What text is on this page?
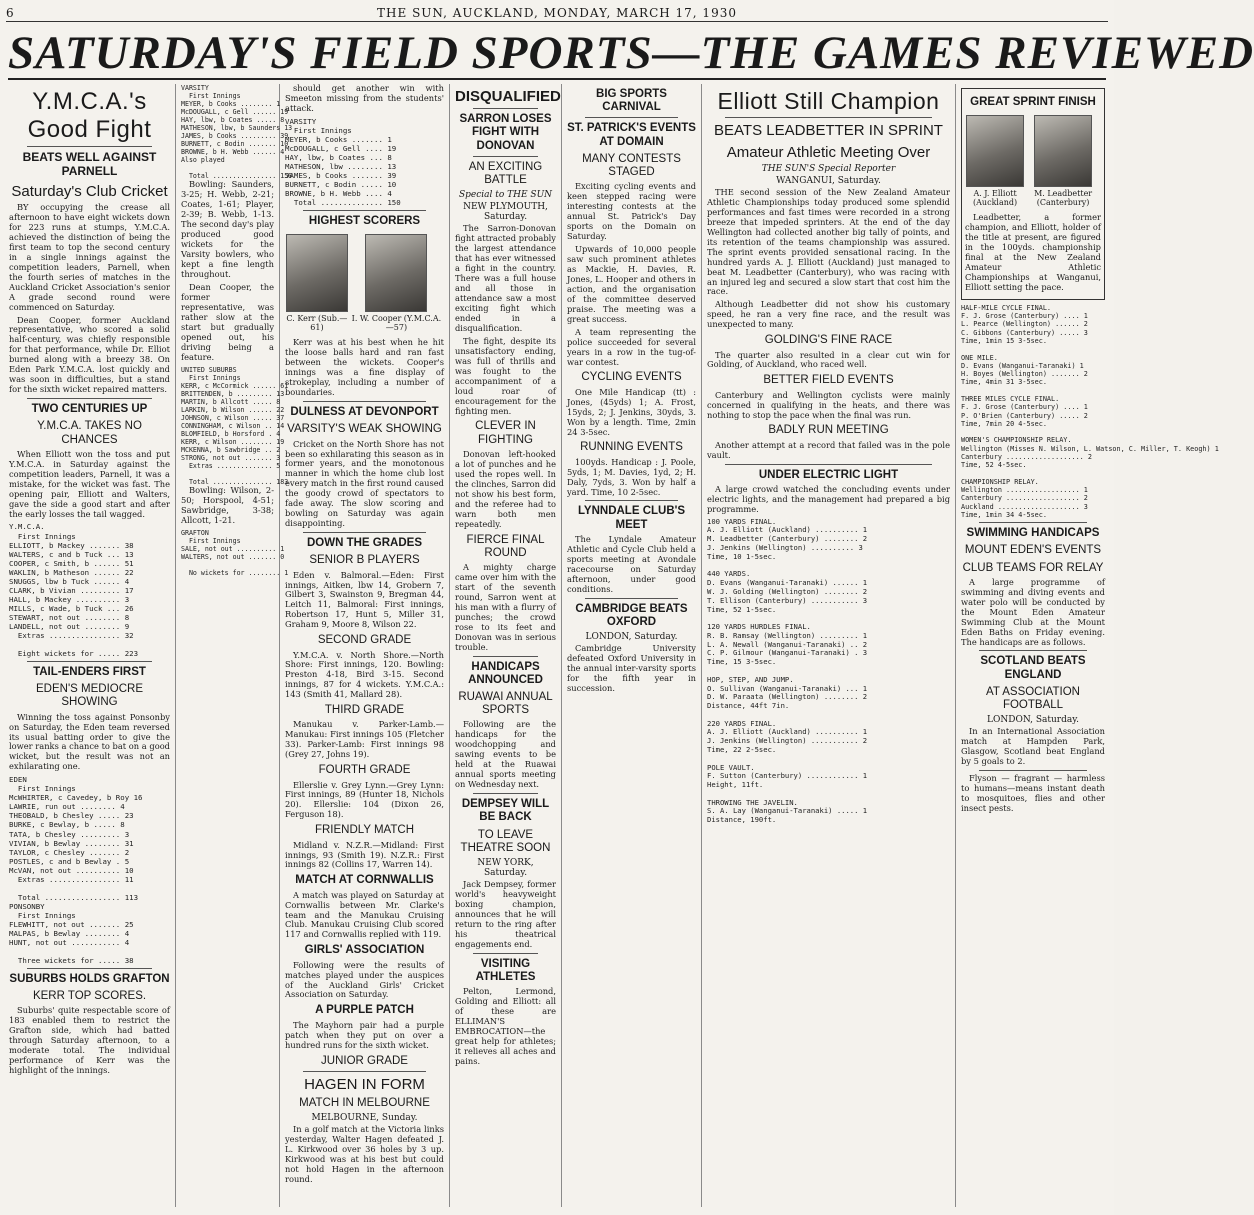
6	THE SUN, AUCKLAND, MONDAY, MARCH 17, 1930
SATURDAY'S FIELD SPORTS—THE GAMES REVIEWED
Y.M.C.A.'s Good Fight
BEATS WELL AGAINST PARNELL
Saturday's Club Cricket

BY occupying the crease all afternoon to have eight wickets down for 223 runs at stumps, Y.M.C.A. achieved the distinction of being the first team to top the second century in a single innings against the competition leaders, Parnell, when the fourth series of matches in the Auckland Cricket Association's senior A grade second round were commenced on Saturday.

Dean Cooper, former Auckland representative, who scored a solid half-century, was chiefly responsible for that performance, while Dr. Elliot burned along with a breezy 38. On Eden Park Y.M.C.A. lost quickly and was soon in difficulties, but a stand for the sixth wicket repaired matters.

TWO CENTURIES UP
Y.M.C.A. TAKES NO CHANCES

When Elliott won the toss and put Y.M.C.A. in Saturday against the competition leaders, Parnell, it was a mistake, for the wicket was fast. The opening pair, Elliott and Walters, gave the side a good start and after the early losses the tail wagged.

Y.M.C.A.
First Innings
ELLIOTT, b Mackey ....... 38
WALTERS, c and b Tuck ... 13
COOPER, c Smith, b ...... 51
WAKLIN, b Matheson ...... 22
SNUGGS, lbw b Tuck ...... 4
CLARK, b Vivian ......... 17
HALL, b Mackey .......... 3
MILLS, c Wade, b Tuck ... 26
STEWART, not out ........ 8
LANDELL, not out ........ 9
Extras ................ 32

Eight wickets for ..... 223
TAIL-ENDERS FIRST
EDEN'S MEDIOCRE SHOWING

Winning the toss against Ponsonby on Saturday, the Eden team reversed its usual batting order to give the lower ranks a chance to bat on a good wicket, but the result was not an exhilarating one.

EDEN
First Innings
McWHIRTER, c Cavedey, b Roy 16
LAWRIE, run out ........ 4
THEOBALD, b Chesley ..... 23
BURKE, c Bewlay, b ..... 8
TATA, b Chesley ......... 3
VIVIAN, b Bewlay ........ 31
TAYLOR, c Chesley ....... 2
POSTLES, c and b Bewlay . 5
McVAN, not out .......... 10
Extras ................ 11

Total ................. 113
PONSONBY
First Innings
FLEWHITT, not out ....... 25
MALPAS, b Bewlay ........ 4
HUNT, not out ........... 4

Three wickets for ..... 38
SUBURBS HOLDS GRAFTON
KERR TOP SCORES.

Suburbs' quite respectable score of 183 enabled them to restrict the Grafton side, which had batted through Saturday afternoon, to a moderate total. The individual performance of Kerr was the highlight of the innings.

VARSITY
First Innings
MEYER, b Cooks ........ 1
McDOUGALL, c Gell ...... 19
HAY, lbw, b Coates ..... 8
MATHESON, lbw, b Saunders 13
JAMES, b Cooks ......... 39
BURNETT, c Bodin ....... 10
BROWNE, b H. Webb ...... 4
Also played

Total ................ 150

Bowling: Saunders, 3-25; H. Webb, 2-21; Coates, 1-61; Player, 2-39; B. Webb, 1-13. The second day's play produced good wickets for the Varsity bowlers, who kept a fine length throughout.

Dean Cooper, the former representative, was rather slow at the start but gradually opened out, his driving being a feature.

UNITED SUBURBS
First Innings
KERR, c McCormick ...... 61
BRITTENDEN, b ......... 13
MARTIN, b Allcott ..... 8
LARKIN, b Wilson ...... 22
JOHNSON, c Wilson ..... 37
CONNINGHAM, c Wilson .. 14
BLOMFIELD, b Horsford . 4
KERR, c Wilson ........ 19
MCKENNA, b Sawbridge .. 2
STRONG, not out ....... 3
Extras .............. 5

Total ............... 183

Bowling: Wilson, 2-50; Horspool, 4-51; Sawbridge, 3-38; Allcott, 1-21.

GRAFTON
First Innings
SALE, not out .......... 1
WALTERS, not out ....... 0

No wickets for ........ 1

should get another win with Smeeton missing from the students' attack.

VARSITY
First Innings
MEYER, b Cooks ....... 1
McDOUGALL, c Gell .... 19
HAY, lbw, b Coates ... 8
MATHESON, lbw ........ 13
JAMES, b Cooks ....... 39
BURNETT, c Bodin ..... 10
BROWNE, b H. Webb .... 4
Total .............. 150
HIGHEST SCORERS
C. Kerr (Sub.—61)
I. W. Cooper (Y.M.C.A.—57)

Kerr was at his best when he hit the loose balls hard and ran fast between the wickets. Cooper's innings was a fine display of strokeplay, including a number of boundaries.

DULNESS AT DEVONPORT
VARSITY'S WEAK SHOWING

Cricket on the North Shore has not been so exhilarating this season as in former years, and the monotonous manner in which the home club lost every match in the first round caused the goody crowd of spectators to fade away. The slow scoring and bowling on Saturday was again disappointing.

DOWN THE GRADES
SENIOR B PLAYERS

Eden v. Balmoral.—Eden: First innings, Aitken, lbw 14, Grobern 7, Gilbert 3, Swainston 9, Bregman 44, Leitch 11, Balmoral: First innings, Robertson 17, Hunt 5, Miller 31, Graham 9, Moore 8, Wilson 22.

SECOND GRADE

Y.M.C.A. v. North Shore.—North Shore: First innings, 120. Bowling: Preston 4-18, Bird 3-15. Second innings, 87 for 4 wickets. Y.M.C.A.: 143 (Smith 41, Mallard 28).

THIRD GRADE

Manukau v. Parker-Lamb.—Manukau: First innings 105 (Fletcher 33). Parker-Lamb: First innings 98 (Grey 27, Johns 19).

FOURTH GRADE

Ellerslie v. Grey Lynn.—Grey Lynn: First innings, 89 (Hunter 18, Nichols 20). Ellerslie: 104 (Dixon 26, Ferguson 18).

FRIENDLY MATCH

Midland v. N.Z.R.—Midland: First innings, 93 (Smith 19). N.Z.R.: First innings 82 (Collins 17, Warren 14).

MATCH AT CORNWALLIS

A match was played on Saturday at Cornwallis between Mr. Clarke's team and the Manukau Cruising Club. Manukau Cruising Club scored 117 and Cornwallis replied with 119.

GIRLS' ASSOCIATION

Following were the results of matches played under the auspices of the Auckland Girls' Cricket Association on Saturday.

A PURPLE PATCH

The Mayhorn pair had a purple patch when they put on over a hundred runs for the sixth wicket.

JUNIOR GRADE
HAGEN IN FORM
MATCH IN MELBOURNE
MELBOURNE, Sunday.

In a golf match at the Victoria links yesterday, Walter Hagen defeated J. L. Kirkwood over 36 holes by 3 up. Kirkwood was at his best but could not hold Hagen in the afternoon round.

DISQUALIFIED
SARRON LOSES FIGHT WITH DONOVAN
AN EXCITING BATTLE
Special to THE SUN
NEW PLYMOUTH, Saturday.

The Sarron-Donovan fight attracted probably the largest attendance that has ever witnessed a fight in the country. There was a full house and all those in attendance saw a most exciting fight which ended in a disqualification.

The fight, despite its unsatisfactory ending, was full of thrills and was fought to the accompaniment of a loud roar of encouragement for the fighting men.

CLEVER IN FIGHTING

Donovan left-hooked a lot of punches and he used the ropes well. In the clinches, Sarron did not show his best form, and the referee had to warn both men repeatedly.

FIERCE FINAL ROUND

A mighty charge came over him with the start of the seventh round, Sarron went at his man with a flurry of punches; the crowd rose to its feet and Donovan was in serious trouble.

HANDICAPS ANNOUNCED
RUAWAI ANNUAL SPORTS

Following are the handicaps for the woodchopping and sawing events to be held at the Ruawai annual sports meeting on Wednesday next.

DEMPSEY WILL BE BACK
TO LEAVE THEATRE SOON
NEW YORK, Saturday.

Jack Dempsey, former world's heavyweight boxing champion, announces that he will return to the ring after his theatrical engagements end.

VISITING ATHLETES

Pelton, Lermond, Golding and Elliott: all of these are ELLIMAN'S EMBROCATION—the great help for athletes; it relieves all aches and pains.

BIG SPORTS CARNIVAL
ST. PATRICK'S EVENTS AT DOMAIN
MANY CONTESTS STAGED

Exciting cycling events and keen stepped racing were interesting contests at the annual St. Patrick's Day sports on the Domain on Saturday.

Upwards of 10,000 people saw such prominent athletes as Mackie, H. Davies, R. Jones, L. Hooper and others in action, and the organisation of the committee deserved praise. The meeting was a great success.

A team representing the police succeeded for several years in a row in the tug-of-war contest.

CYCLING EVENTS

One Mile Handicap (tt) : Jones, (45yds) 1; A. Frost, 15yds, 2; J. Jenkins, 30yds, 3. Won by a length. Time, 2min 24 3-5sec.

RUNNING EVENTS

100yds. Handicap : J. Poole, 5yds, 1; M. Davies, 1yd, 2; H. Daly, 7yds, 3. Won by half a yard. Time, 10 2-5sec.

LYNNDALE CLUB'S MEET

The Lyndale Amateur Athletic and Cycle Club held a sports meeting at Avondale racecourse on Saturday afternoon, under good conditions.

CAMBRIDGE BEATS OXFORD
LONDON, Saturday.

Cambridge University defeated Oxford University in the annual inter-varsity sports for the fifth year in succession.

Elliott Still Champion
BEATS LEADBETTER IN SPRINT
Amateur Athletic Meeting Over
THE SUN'S Special Reporter
WANGANUI, Saturday.

THE second session of the New Zealand Amateur Athletic Championships today produced some splendid performances and fast times were recorded in a strong breeze that impeded sprinters. At the end of the day Wellington had collected another big tally of points, and its retention of the teams championship was assured. The sprint events provided sensational racing. In the hundred yards A. J. Elliott (Auckland) just managed to beat M. Leadbetter (Canterbury), who was racing with an injured leg and secured a slow start that cost him the race.

Although Leadbetter did not show his customary speed, he ran a very fine race, and the result was unexpected to many.

GOLDING'S FINE RACE

The quarter also resulted in a clear cut win for Golding, of Auckland, who raced well.

BETTER FIELD EVENTS

Canterbury and Wellington cyclists were mainly concerned in qualifying in the heats, and there was nothing to stop the pace when the final was run.

BADLY RUN MEETING

Another attempt at a record that failed was in the pole vault.

UNDER ELECTRIC LIGHT

A large crowd watched the concluding events under electric lights, and the management had prepared a big programme.

100 YARDS FINAL.
A. J. Elliott (Auckland) .......... 1
M. Leadbetter (Canterbury) ........ 2
J. Jenkins (Wellington) .......... 3
Time, 10 1-5sec.

440 YARDS.
D. Evans (Wanganui-Taranaki) ...... 1
W. J. Golding (Wellington) ........ 2
T. Ellison (Canterbury) ........... 3
Time, 52 1-5sec.

120 YARDS HURDLES FINAL.
R. B. Ramsay (Wellington) ......... 1
L. A. Newall (Wanganui-Taranaki) .. 2
C. P. Gilmour (Wanganui-Taranaki) . 3
Time, 15 3-5sec.

HOP, STEP, AND JUMP.
O. Sullivan (Wanganui-Taranaki) ... 1
D. W. Paraata (Wellington) ........ 2
Distance, 44ft 7in.

220 YARDS FINAL.
A. J. Elliott (Auckland) .......... 1
J. Jenkins (Wellington) ........... 2
Time, 22 2-5sec.

POLE VAULT.
F. Sutton (Canterbury) ............ 1
Height, 11ft.

THROWING THE JAVELIN.
S. A. Lay (Wanganui-Taranaki) ..... 1
Distance, 190ft.
GREAT SPRINT FINISH
A. J. Elliott (Auckland)
M. Leadbetter (Canterbury)

Leadbetter, a former champion, and Elliott, holder of the title at present, are figured in the 100yds. championship final at the New Zealand Amateur Athletic Championships at Wanganui, Elliott setting the pace.

HALF-MILE CYCLE FINAL.
F. J. Grose (Canterbury) .... 1
L. Pearce (Wellington) ...... 2
C. Gibbons (Canterbury) ..... 3
Time, 1min 15 3-5sec.

ONE MILE.
D. Evans (Wanganui-Taranaki) 1
H. Boyes (Wellington) ....... 2
Time, 4min 31 3-5sec.

THREE MILES CYCLE FINAL.
F. J. Grose (Canterbury) .... 1
P. O'Brien (Canterbury) ..... 2
Time, 7min 20 4-5sec.

WOMEN'S CHAMPIONSHIP RELAY.
Wellington (Misses N. Wilson, L. Watson, C. Miller, T. Keogh) 1
Canterbury ................... 2
Time, 52 4-5sec.

CHAMPIONSHIP RELAY.
Wellington .................. 1
Canterbury .................. 2
Auckland .................... 3
Time, 1min 34 4-5sec.
SWIMMING HANDICAPS
MOUNT EDEN'S EVENTS
CLUB TEAMS FOR RELAY

A large programme of swimming and diving events and water polo will be conducted by the Mount Eden Amateur Swimming Club at the Mount Eden Baths on Friday evening. The handicaps are as follows.

SCOTLAND BEATS ENGLAND
AT ASSOCIATION FOOTBALL
LONDON, Saturday.

In an International Association match at Hampden Park, Glasgow, Scotland beat England by 5 goals to 2.

Flyson — fragrant — harmless to humans—means instant death to mosquitoes, flies and other insect pests.
